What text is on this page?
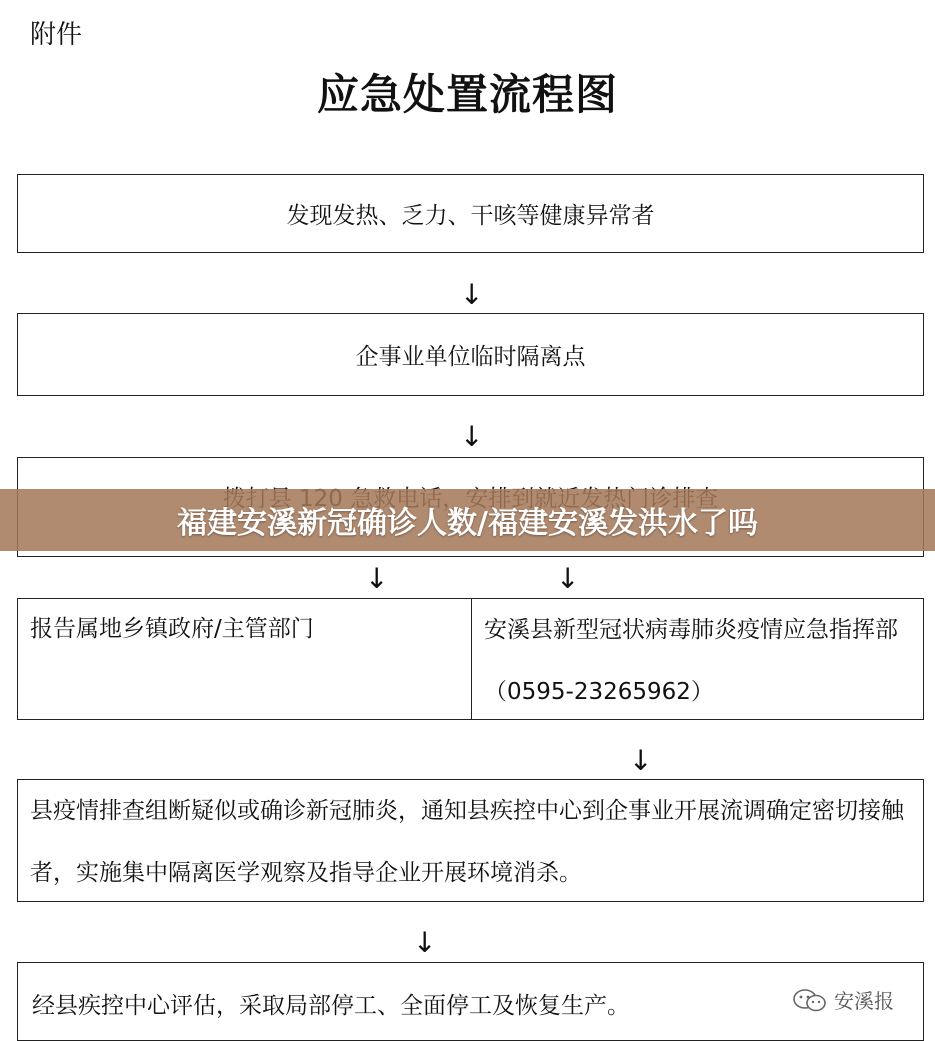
附件
应急处置流程图
发现发热、乏力、干咳等健康异常者
↓
企事业单位临时隔离点
↓
福建安溪新冠确诊人数/福建安溪发洪水了吗
↓	↓
报告属地乡镇政府/主管部门	安溪县新型冠状病毒肺炎疫情应急指挥部（0595-23265962）
↓
县疫情排查组断疑似或确诊新冠肺炎，通知县疾控中心到企事业开展流调确定密切接触者，实施集中隔离医学观察及指导企业开展环境消杀。
↓
经县疾控中心评估，采取局部停工、全面停工及恢复生产。	安溪报
